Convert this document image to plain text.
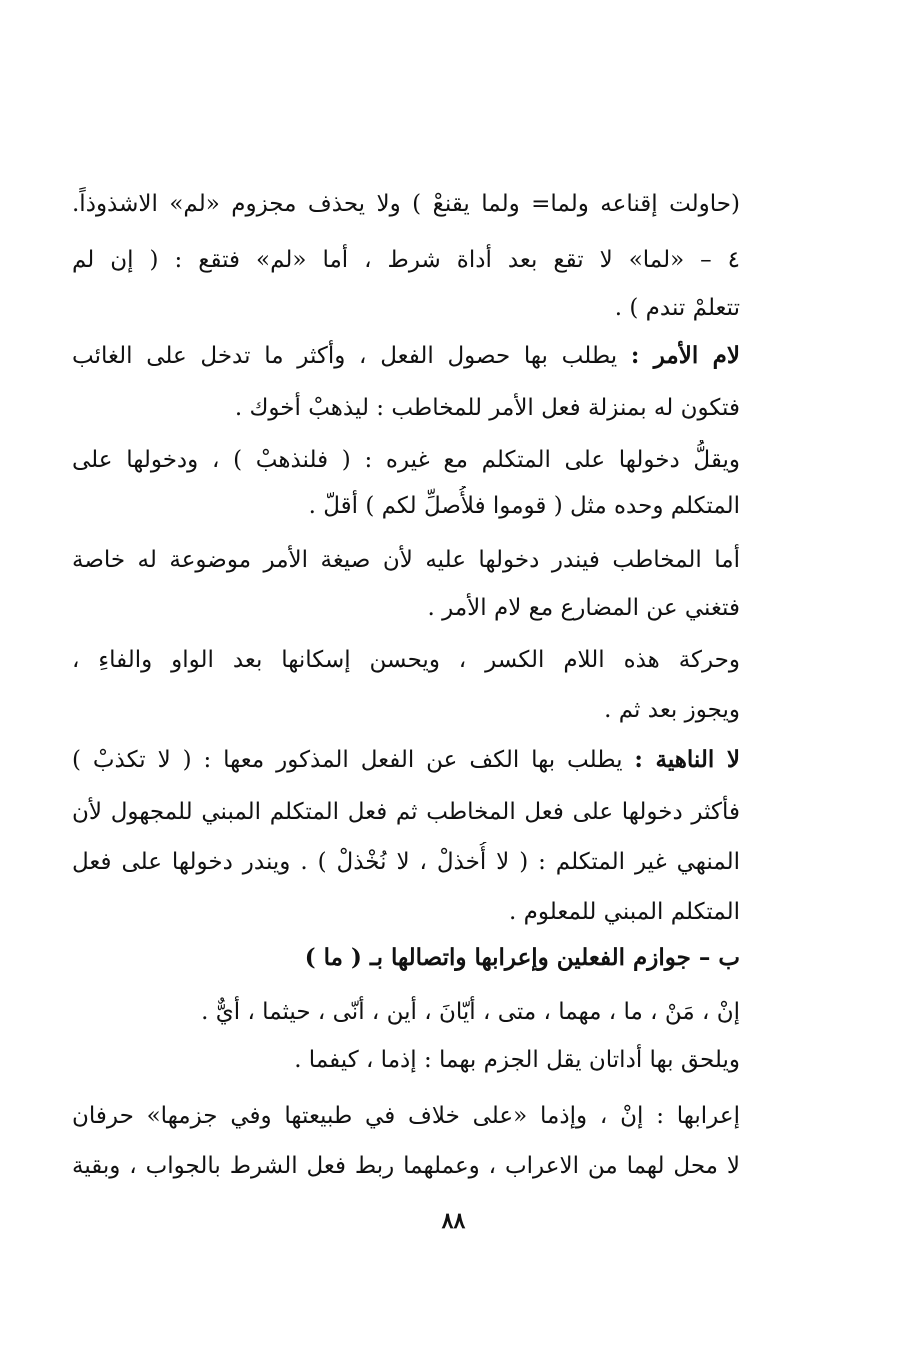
(حاولت إقناعه ولما= ولما يقنعْ ) ولا يحذف مجزوم «لم» الاشذوذاً.
٤ – «لما» لا تقع بعد أداة شرط ، أما «لم» فتقع : ( إن لم
تتعلمْ تندم ) .
لام الأمر : يطلب بها حصول الفعل ، وأكثر ما تدخل على الغائب
فتكون له بمنزلة فعل الأمر للمخاطب : ليذهبْ أخوك .
ويقلُّ دخولها على المتكلم مع غيره : ( فلنذهبْ ) ، ودخولها على
المتكلم وحده مثل ( قوموا فلأُصلِّ لكم ) أقلّ .
أما المخاطب فيندر دخولها عليه لأن صيغة الأمر موضوعة له خاصة
فتغني عن المضارع مع لام الأمر .
وحركة هذه اللام الكسر ، ويحسن إسكانها بعد الواو والفاءِ ،
ويجوز بعد ثم .
لا الناهية : يطلب بها الكف عن الفعل المذكور معها : ( لا تكذبْ )
فأكثر دخولها على فعل المخاطب ثم فعل المتكلم المبني للمجهول لأن
المنهي غير المتكلم : ( لا أُخذلْ ، لا نُخْذلْ ) . ويندر دخولها على فعل
المتكلم المبني للمعلوم .
ب – جوازم الفعلين وإعرابها واتصالها بـ ( ما )
إنْ ، مَنْ ، ما ، مهما ، متى ، أيّانَ ، أين ، أنّى ، حيثما ، أيٌّ .
ويلحق بها أداتان يقل الجزم بهما : إذما ، كيفما .
إعرابها : إنْ ، وإذما «على خلاف في طبيعتها وفي جزمها» حرفان
لا محل لهما من الاعراب ، وعملهما ربط فعل الشرط بالجواب ، وبقية
٨٨
